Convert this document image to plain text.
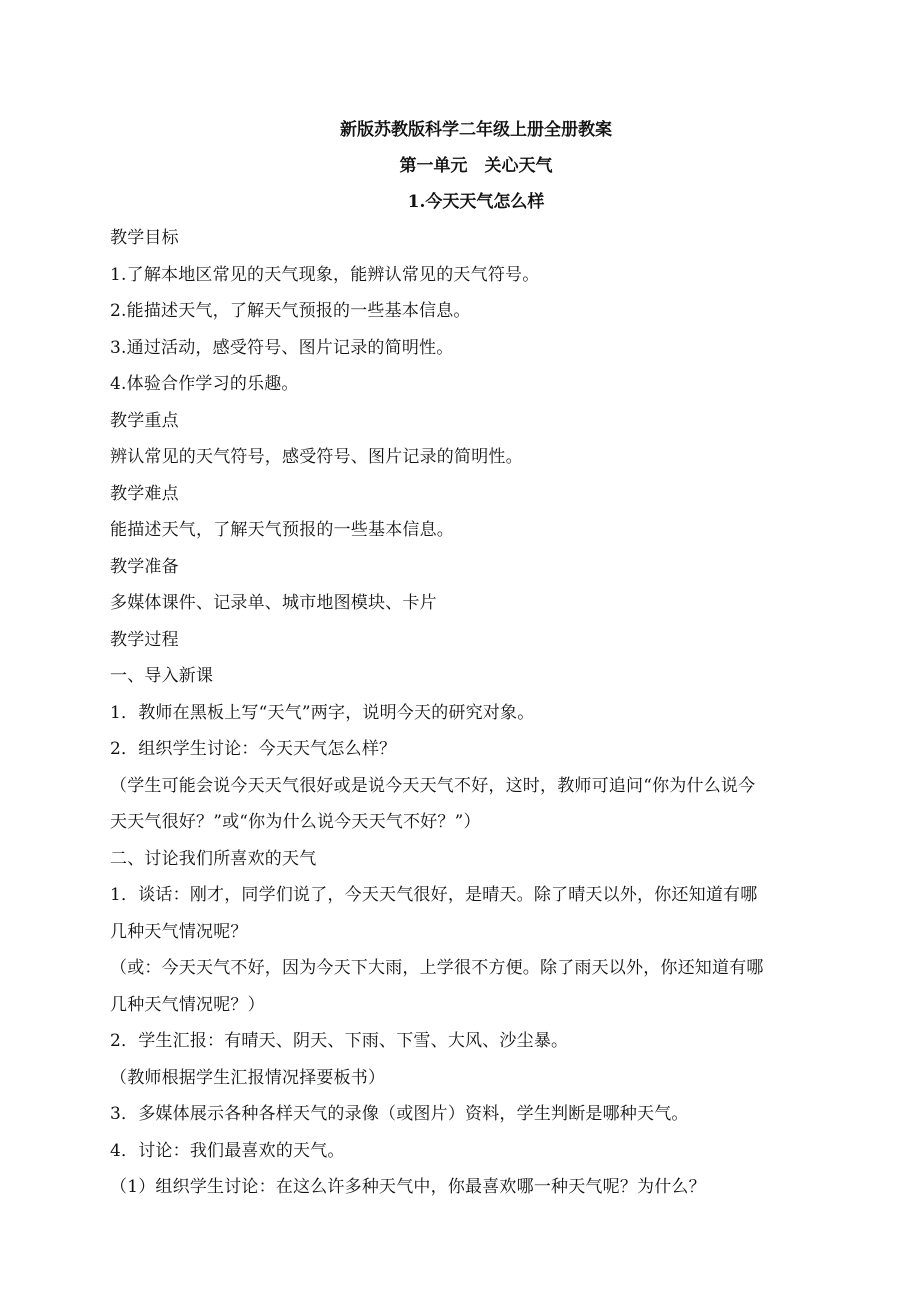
新版苏教版科学二年级上册全册教案

第一单元　关心天气

1.今天天气怎么样

教学目标

1.了解本地区常见的天气现象，能辨认常见的天气符号。

2.能描述天气，了解天气预报的一些基本信息。

3.通过活动，感受符号、图片记录的简明性。

4.体验合作学习的乐趣。

教学重点

辨认常见的天气符号，感受符号、图片记录的简明性。

教学难点

能描述天气，了解天气预报的一些基本信息。

教学准备

多媒体课件、记录单、城市地图模块、卡片

教学过程

一、导入新课

1．教师在黑板上写“天气”两字，说明今天的研究对象。

2．组织学生讨论：今天天气怎么样？

（学生可能会说今天天气很好或是说今天天气不好，这时，教师可追问“你为什么说今

天天气很好？”或“你为什么说今天天气不好？”）

二、讨论我们所喜欢的天气

1．谈话：刚才，同学们说了，今天天气很好，是晴天。除了晴天以外，你还知道有哪

几种天气情况呢？

（或：今天天气不好，因为今天下大雨，上学很不方便。除了雨天以外，你还知道有哪

几种天气情况呢？）

2．学生汇报：有晴天、阴天、下雨、下雪、大风、沙尘暴。

（教师根据学生汇报情况择要板书）

3．多媒体展示各种各样天气的录像（或图片）资料，学生判断是哪种天气。

4．讨论：我们最喜欢的天气。

（1）组织学生讨论：在这么许多种天气中，你最喜欢哪一种天气呢？为什么？
